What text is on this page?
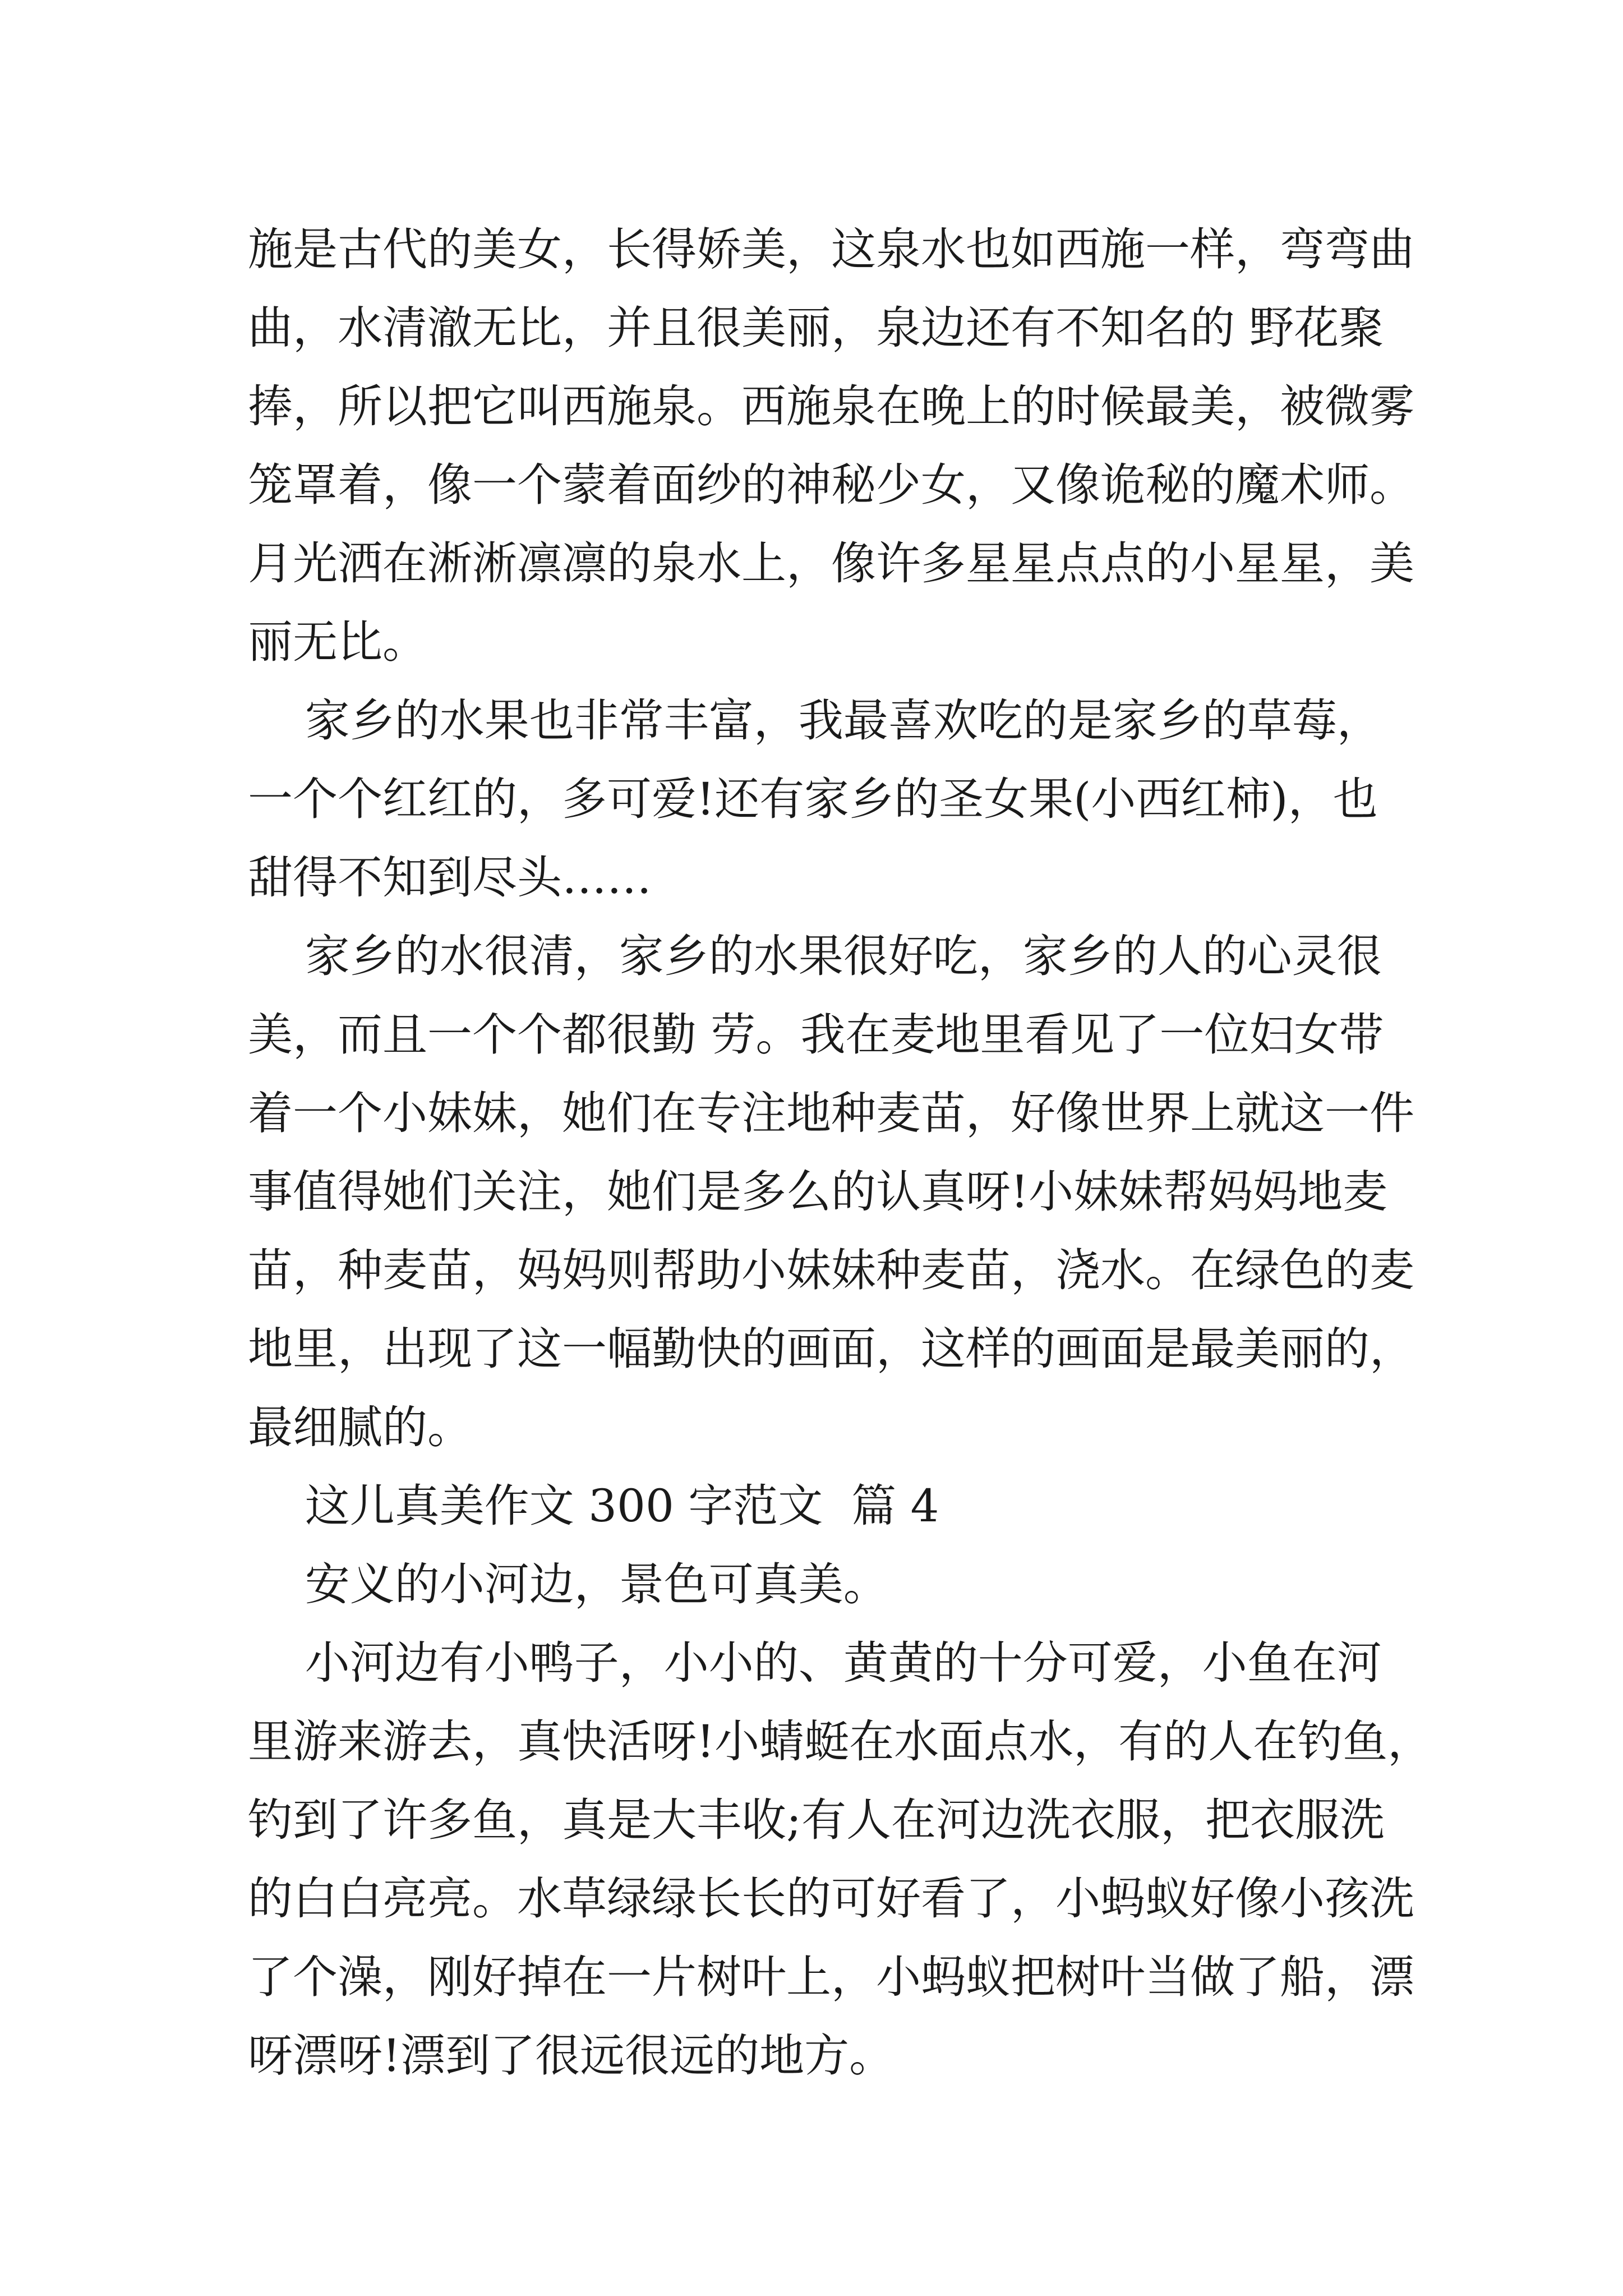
施是古代的美女，长得娇美，这泉水也如西施一样，弯弯曲
曲，水清澈无比，并且很美丽，泉边还有不知名的 野花聚
捧，所以把它叫西施泉。西施泉在晚上的时候最美，被微雾
笼罩着，像一个蒙着面纱的神秘少女，又像诡秘的魔术师。
月光洒在淅淅凛凛的泉水上，像许多星星点点的小星星，美
丽无比。
家乡的水果也非常丰富，我最喜欢吃的是家乡的草莓，
一个个红红的，多可爱!还有家乡的圣女果(小西红柿)，也
甜得不知到尽头……
家乡的水很清，家乡的水果很好吃，家乡的人的心灵很
美，而且一个个都很勤 劳。我在麦地里看见了一位妇女带
着一个小妹妹，她们在专注地种麦苗，好像世界上就这一件
事值得她们关注，她们是多么的认真呀!小妹妹帮妈妈地麦
苗，种麦苗，妈妈则帮助小妹妹种麦苗，浇水。在绿色的麦
地里，出现了这一幅勤快的画面，这样的画面是最美丽的，
最细腻的。
这儿真美作文 300 字范文  篇 4
安义的小河边，景色可真美。
小河边有小鸭子，小小的、黄黄的十分可爱，小鱼在河
里游来游去，真快活呀!小蜻蜓在水面点水，有的人在钓鱼，
钓到了许多鱼，真是大丰收;有人在河边洗衣服，把衣服洗
的白白亮亮。水草绿绿长长的可好看了，小蚂蚁好像小孩洗
了个澡，刚好掉在一片树叶上，小蚂蚁把树叶当做了船，漂
呀漂呀!漂到了很远很远的地方。
